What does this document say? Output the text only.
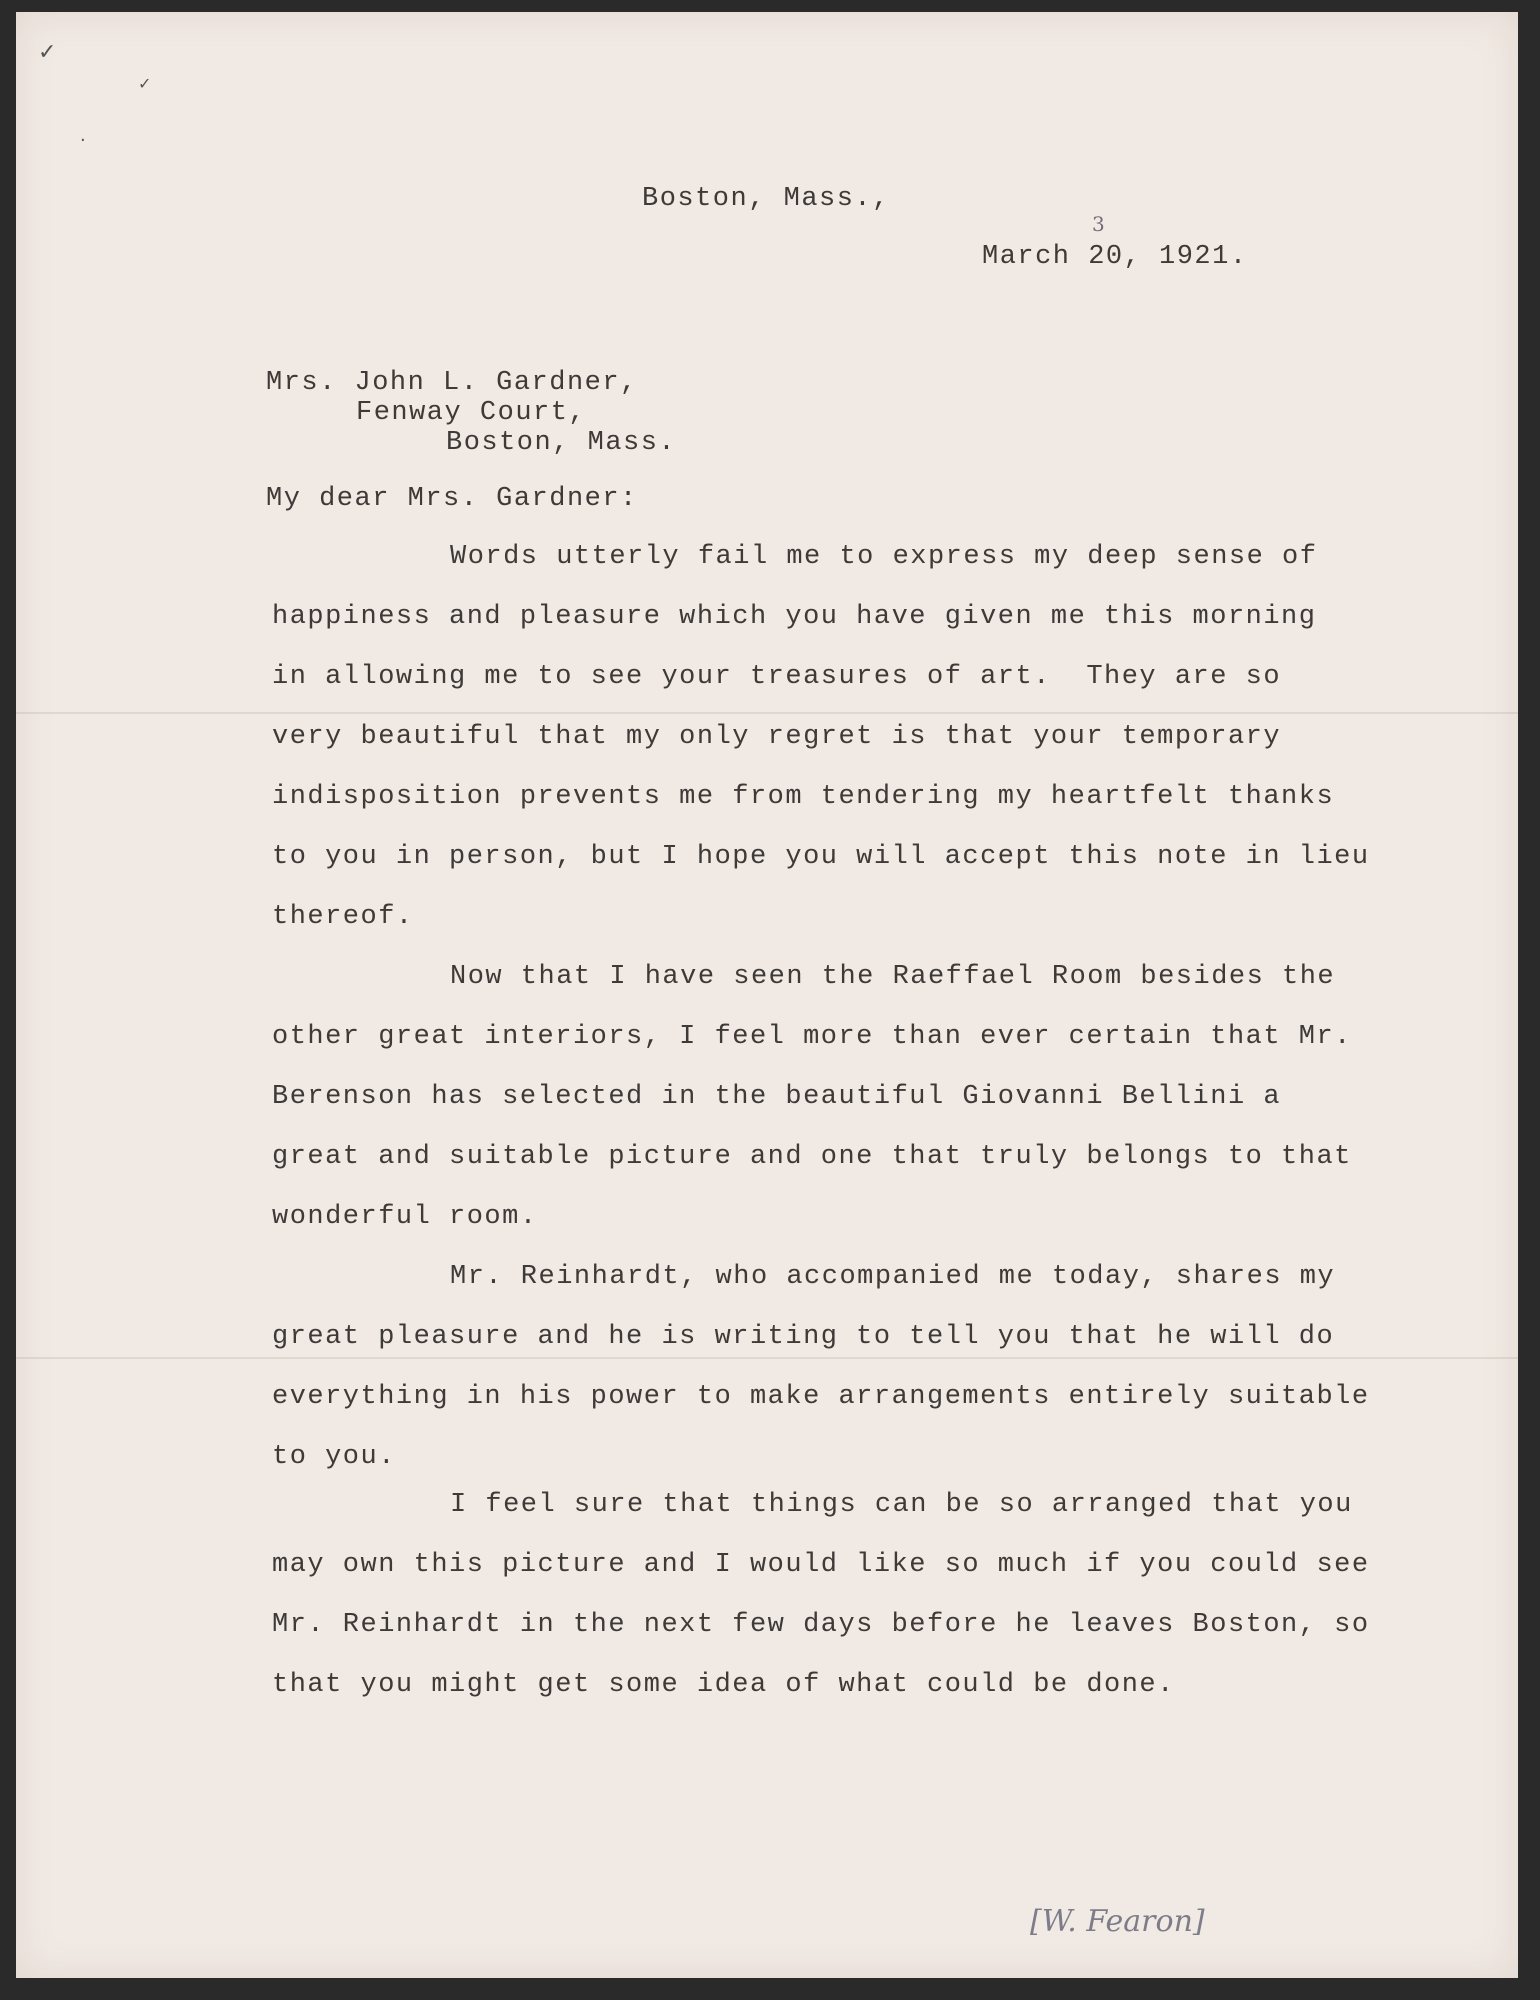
✓
✓
·
Boston, Mass.,
3
March 20, 1921.
Mrs. John L. Gardner,
Fenway Court,
Boston, Mass.
My dear Mrs. Gardner:
Words utterly fail me to express my deep sense of
happiness and pleasure which you have given me this morning
in allowing me to see your treasures of art.  They are so
very beautiful that my only regret is that your temporary
indisposition prevents me from tendering my heartfelt thanks
to you in person, but I hope you will accept this note in lieu
thereof.
Now that I have seen the Raeffael Room besides the
other great interiors, I feel more than ever certain that Mr.
Berenson has selected in the beautiful Giovanni Bellini a
great and suitable picture and one that truly belongs to that
wonderful room.
Mr. Reinhardt, who accompanied me today, shares my
great pleasure and he is writing to tell you that he will do
everything in his power to make arrangements entirely suitable
to you.
I feel sure that things can be so arranged that you
may own this picture and I would like so much if you could see
Mr. Reinhardt in the next few days before he leaves Boston, so
that you might get some idea of what could be done.
[W. Fearon]
